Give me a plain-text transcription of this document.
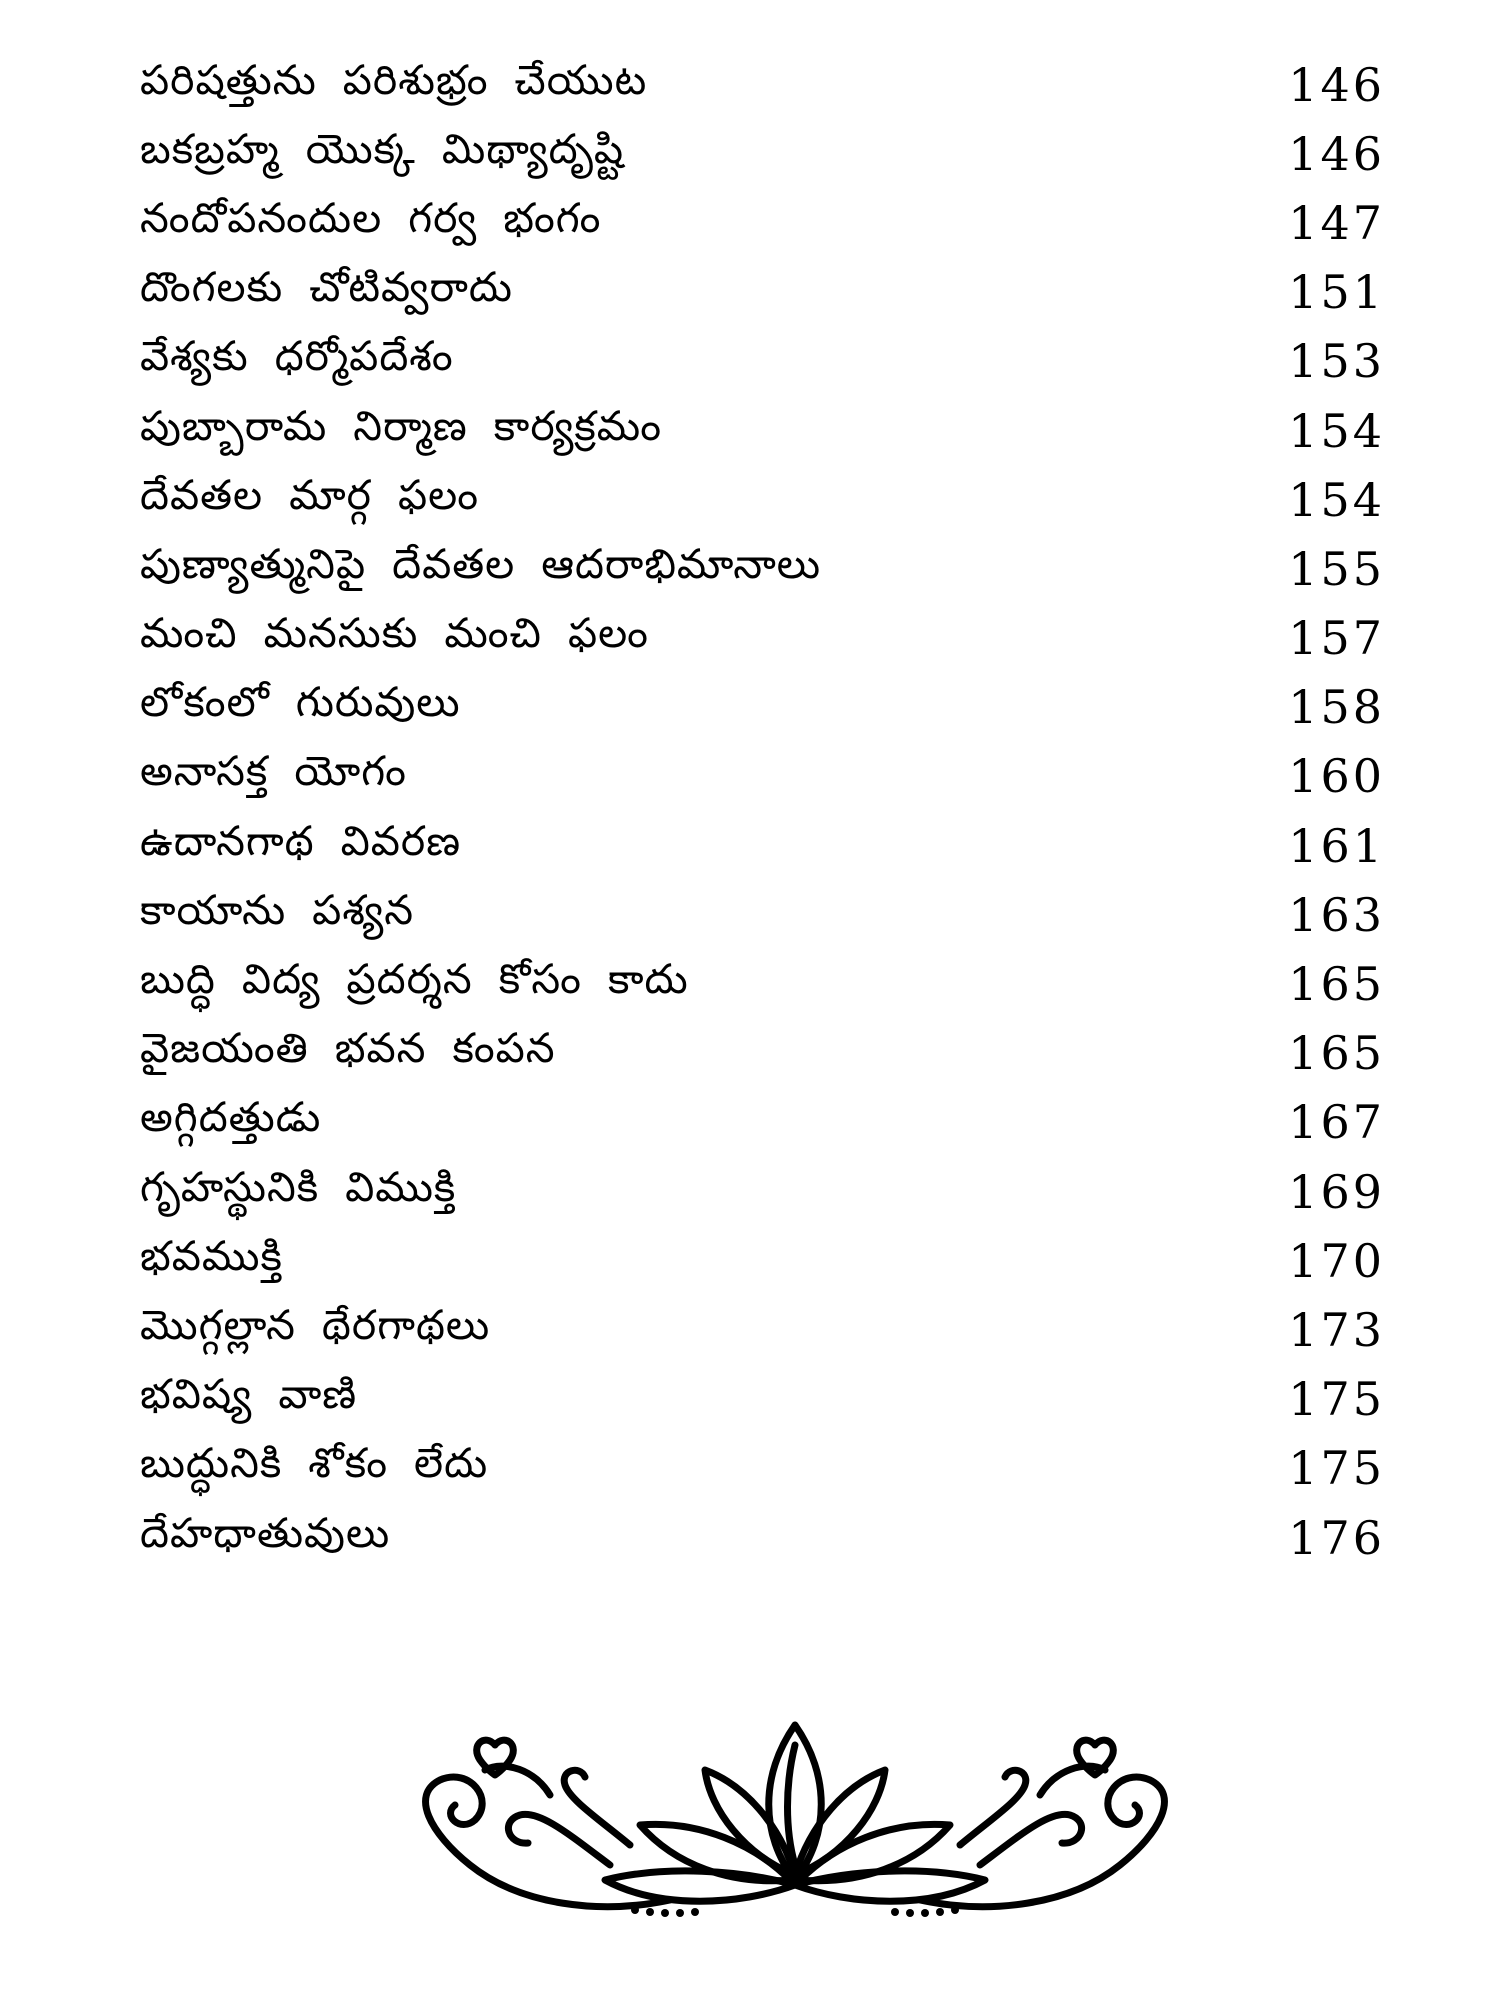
పరిషత్తును పరిశుభ్రం చేయుట	146
బకబ్రహ్మ యొక్క మిథ్యాదృష్టి	146
నందోపనందుల గర్వ భంగం	147
దొంగలకు చోటివ్వరాదు	151
వేశ్యకు ధర్మోపదేశం	153
పుబ్బారామ నిర్మాణ కార్యక్రమం	154
దేవతల మార్గ ఫలం	154
పుణ్యాత్మునిపై దేవతల ఆదరాభిమానాలు	155
మంచి మనసుకు మంచి ఫలం	157
లోకంలో గురువులు	158
అనాసక్త యోగం	160
ఉదానగాథ వివరణ	161
కాయాను పశ్యన	163
బుద్ధి విద్య ప్రదర్శన కోసం కాదు	165
వైజయంతి భవన కంపన	165
అగ్గిదత్తుడు	167
గృహస్థునికి విముక్తి	169
భవముక్తి	170
మొగ్గల్లాన థేరగాథలు	173
భవిష్య వాణి	175
బుద్ధునికి శోకం లేదు	175
దేహధాతువులు	176
